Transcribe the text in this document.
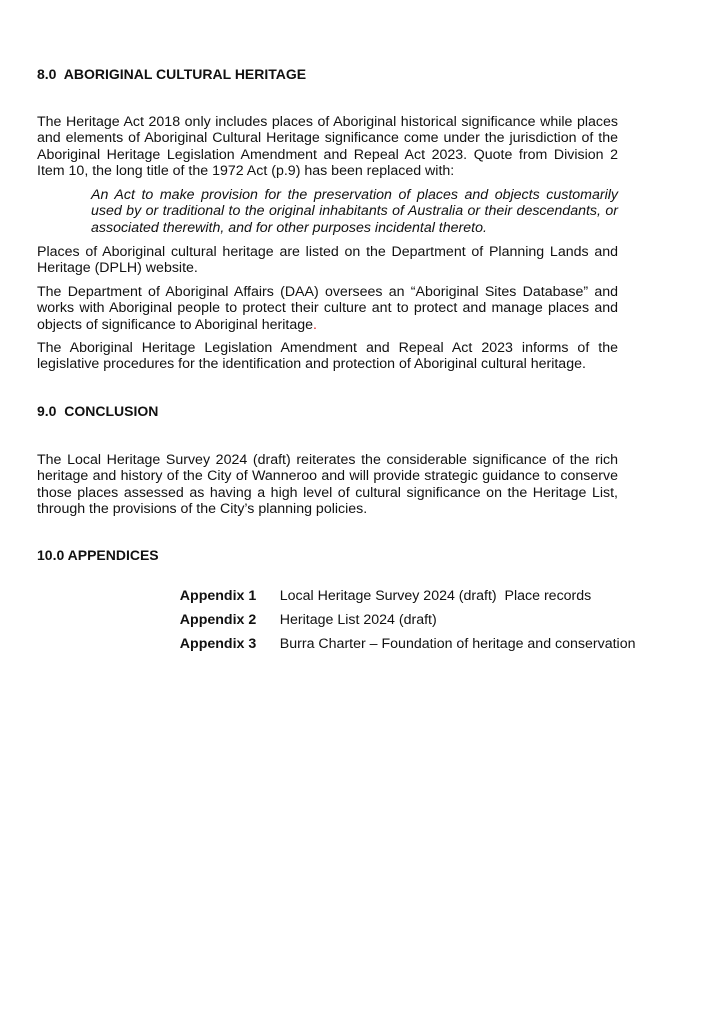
8.0  ABORIGINAL CULTURAL HERITAGE

The Heritage Act 2018 only includes places of Aboriginal historical significance while places and elements of Aboriginal Cultural Heritage significance come under the jurisdiction of the Aboriginal Heritage Legislation Amendment and Repeal Act 2023. Quote from Division 2 Item 10, the long title of the 1972 Act (p.9) has been replaced with:

An Act to make provision for the preservation of places and objects customarily used by or traditional to the original inhabitants of Australia or their descendants, or associated therewith, and for other purposes incidental thereto.

Places of Aboriginal cultural heritage are listed on the Department of Planning Lands and Heritage (DPLH) website.

The Department of Aboriginal Affairs (DAA) oversees an “Aboriginal Sites Database” and works with Aboriginal people to protect their culture ant to protect and manage places and objects of significance to Aboriginal heritage.

The Aboriginal Heritage Legislation Amendment and Repeal Act 2023 informs of the legislative procedures for the identification and protection of Aboriginal cultural heritage.

9.0  CONCLUSION

The Local Heritage Survey 2024 (draft) reiterates the considerable significance of the rich heritage and history of the City of Wanneroo and will provide strategic guidance to conserve those places assessed as having a high level of cultural significance on the Heritage List, through the provisions of the City’s planning policies.

10.0 APPENDICES

Appendix 1 Local Heritage Survey 2024 (draft)  Place records

Appendix 2 Heritage List 2024 (draft)

Appendix 3 Burra Charter – Foundation of heritage and conservation
